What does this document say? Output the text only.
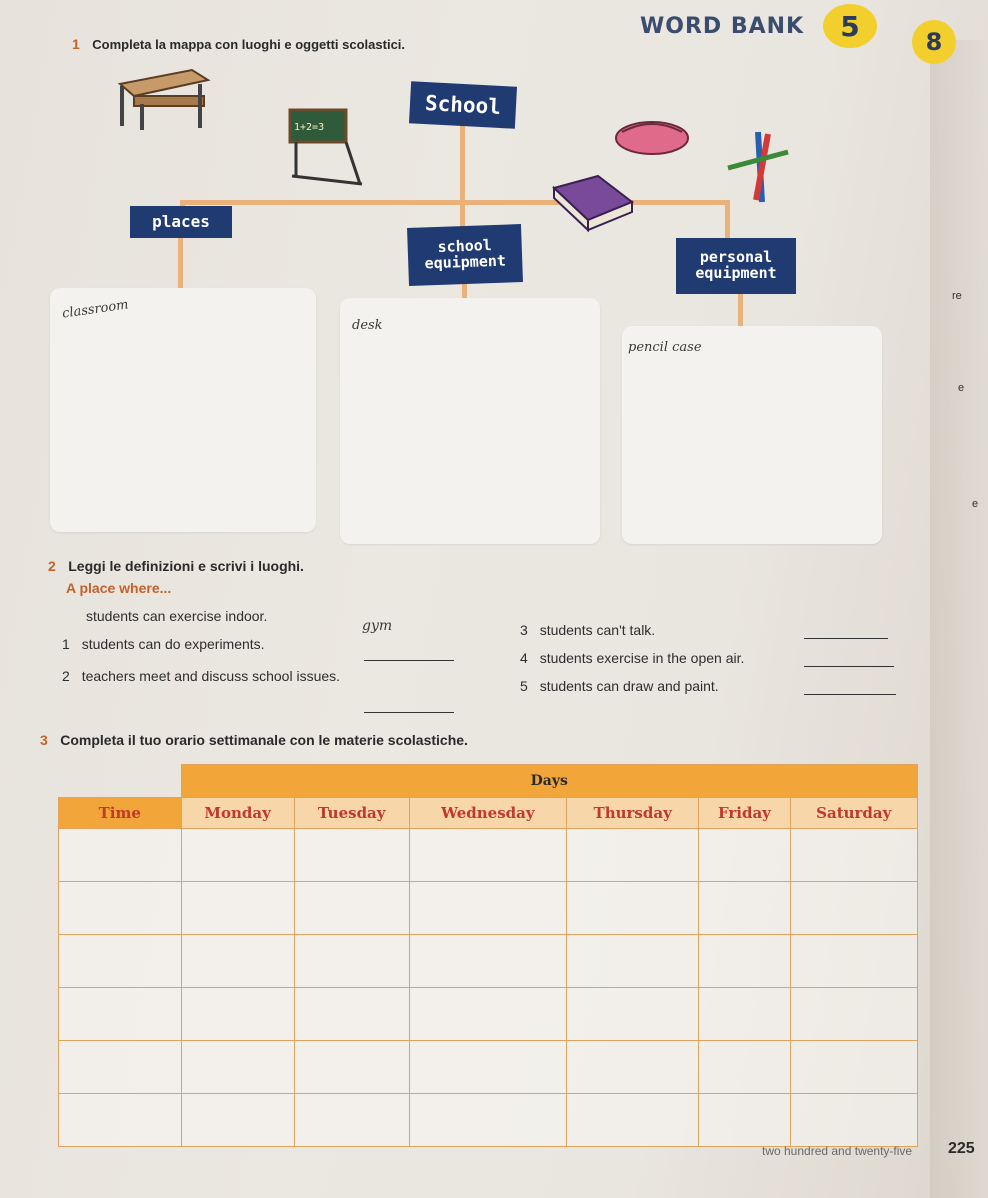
WORD BANK	5	8
1 Completa la mappa con luoghi e oggetti scolastici.
1+2=3
School
places
school equipment	personal equipment
classroom
desk
pencil case
re
e
e
2 Leggi le definizioni e scrivi i luoghi.
A place where...
students can exercise indoor.
gym
1 students can do experiments.
2 teachers meet and discuss school issues.
3 students can't talk.
4 students exercise in the open air.
5 students can draw and paint.
3 Completa il tuo orario settimanale con le materie scolastiche.
	Days					
Time	Monday	Tuesday	Wednesday	Thursday	Friday	Saturday

two hundred and twenty-five 225
